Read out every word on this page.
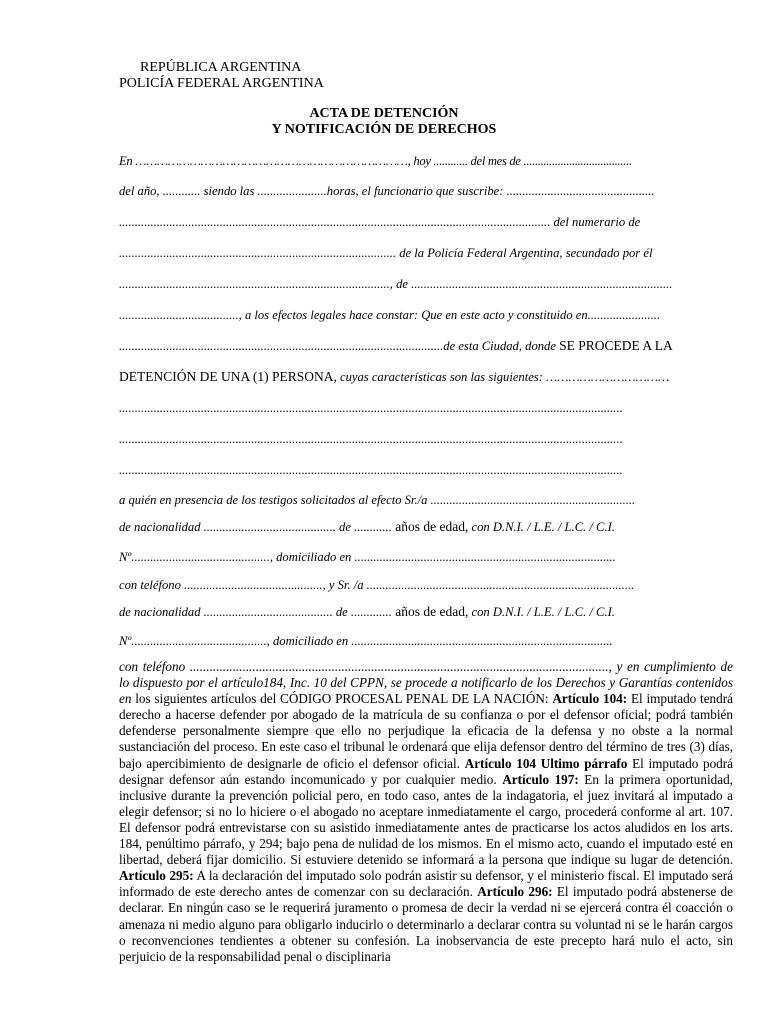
REPÚBLICA ARGENTINA
POLICÍA FEDERAL ARGENTINA
ACTA DE DETENCIÓN
Y NOTIFICACIÓN DE DERECHOS
En …………………………………………………………………, hoy ............ del mes de ......................................
del año, ............ siendo las ......................horas, el funcionario que suscribe: ...............................................
......................................................................................................................................... del numerario de
........................................................................................ de la Policía Federal Argentina, secundado por él
......................................................................................, de ...................................................................................
......................................, a los efectos legales hace constar: Que en este acto y constituido en.......................
.......................................................................................................de esta Ciudad, donde SE PROCEDE A LA
DETENCIÓN DE UNA (1) PERSONA, cuyas características son las siguientes: ……………………………
................................................................................................................................................................
................................................................................................................................................................
................................................................................................................................................................
a quién en presencia de los testigos solicitados al efecto Sr./a .................................................................
de nacionalidad .......................................... de ............ años de edad, con D.N.I. / L.E. / L.C. / C.I.
Nº............................................, domiciliado en ...................................................................................
con teléfono ............................................, y Sr. /a .....................................................................................
de nacionalidad ......................................... de ............. años de edad, con D.N.I. / L.E. / L.C. / C.I.
Nº..........................................., domiciliado en ...................................................................................
con teléfono ..............................................................................................................................., y en cumplimiento de lo dispuesto por el artículo184, Inc. 10 del CPPN, se procede a notificarlo de los Derechos y Garantías contenidos en los siguientes artículos del CÓDIGO PROCESAL PENAL DE LA NACIÓN: Artículo 104: El imputado tendrá derecho a hacerse defender por abogado de la matrícula de su confianza o por el defensor oficial; podrá también defenderse personalmente siempre que ello no perjudique la eficacia de la defensa y no obste a la normal sustanciación del proceso. En este caso el tribunal le ordenará que elija defensor dentro del término de tres (3) días, bajo apercibimiento de designarle de oficio el defensor oficial. Artículo 104 Ultimo párrafo El imputado podrá designar defensor aún estando incomunicado y por cualquier medio. Artículo 197: En la primera oportunidad, inclusive durante la prevención policial pero, en todo caso, antes de la indagatoria, el juez invitará al imputado a elegir defensor; si no lo hiciere o el abogado no aceptare inmediatamente el cargo, procederá conforme al art. 107. El defensor podrá entrevistarse con su asistido inmediatamente antes de practicarse los actos aludidos en los arts. 184, penúltimo párrafo, y 294; bajo pena de nulidad de los mismos. En el mismo acto, cuando el imputado esté en libertad, deberá fijar domicilio. Si estuviere detenido se informará a la persona que indique su lugar de detención. Artículo 295: A la declaración del imputado solo podrán asistir su defensor, y el ministerio fiscal. El imputado será informado de este derecho antes de comenzar con su declaración. Artículo 296: El imputado podrá abstenerse de declarar. En ningún caso se le requerirá juramento o promesa de decir la verdad ni se ejercerá contra él coacción o amenaza ni medio alguno para obligarlo inducirlo o determinarlo a declarar contra su voluntad ni se le harán cargos o reconvenciones tendientes a obtener su confesión. La inobservancia de este precepto hará nulo el acto, sin perjuicio de la responsabilidad penal o disciplinaria
